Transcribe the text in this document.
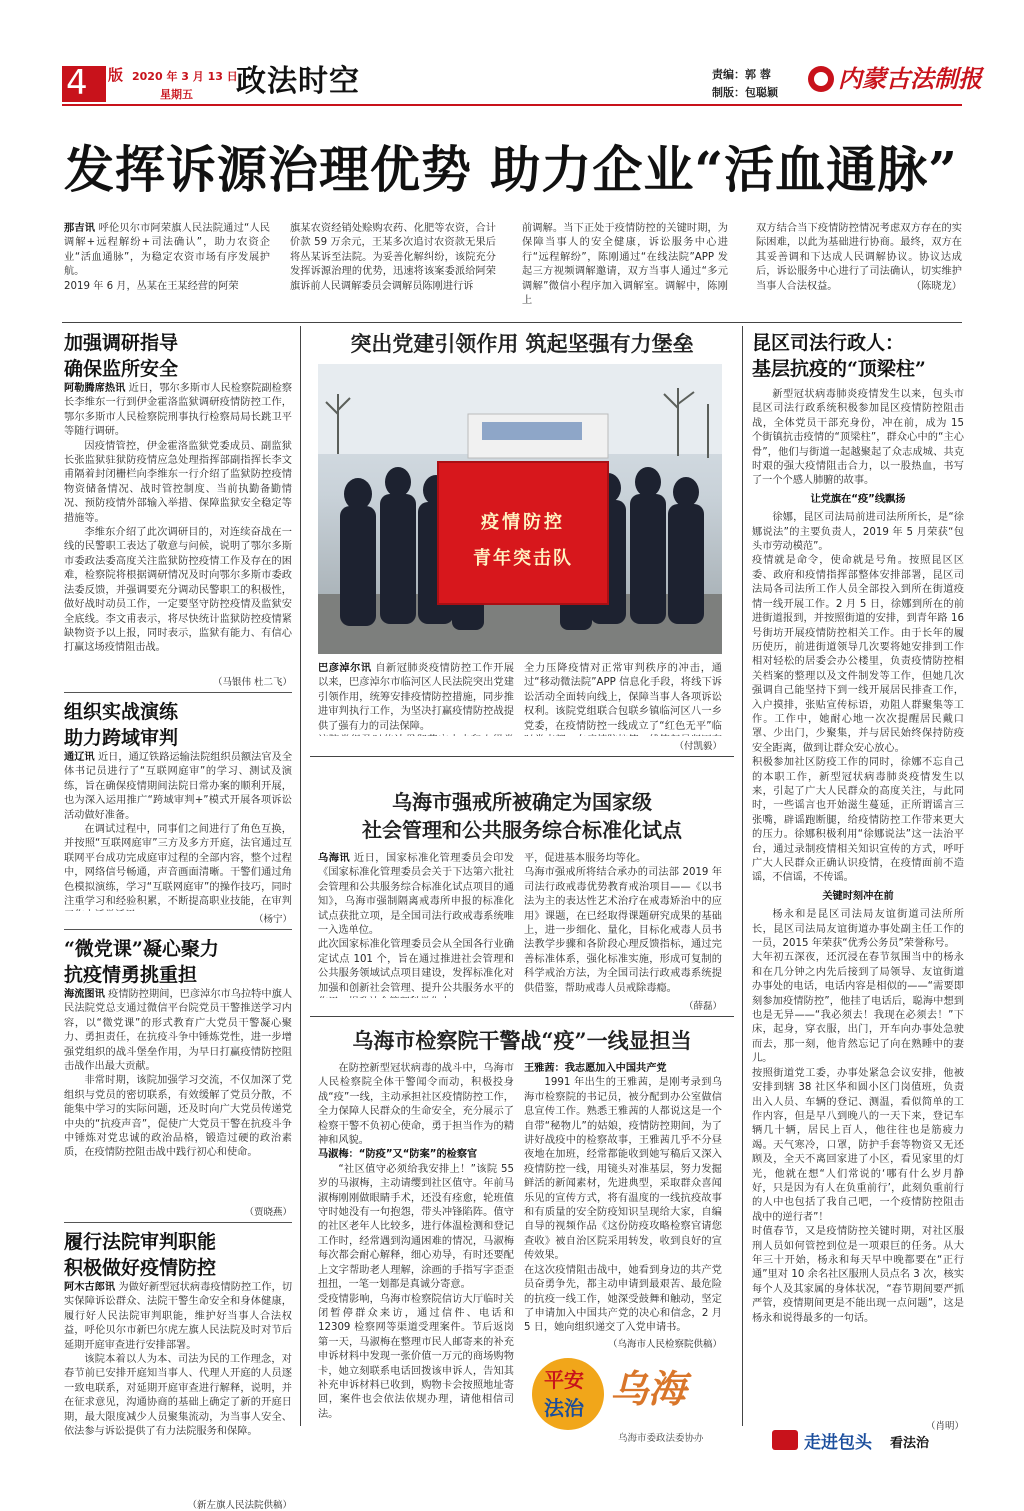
4 版 2020 年 3 月 13 日
星期五 政法时空	责编：郭 蓉
制版：包聪颖	内蒙古法制报
发挥诉源治理优势 助力企业“活血通脉”
那吉讯 呼伦贝尔市阿荣旗人民法院通过“人民调解+远程解纷+司法确认”，助力农资企业“活血通脉”，为稳定农资市场有序发展护航。
2019 年 6 月，丛某在王某经营的阿荣
旗某农资经销处赊购农药、化肥等农资，合计价款 59 万余元，王某多次追讨农资款无果后将丛某诉至法院。为妥善化解纠纷，该院充分发挥诉源治理的优势，迅速将该案委派给阿荣旗诉前人民调解委员会调解员陈刚进行诉
前调解。当下正处于疫情防控的关键时期，为保障当事人的安全健康，诉讼服务中心进行“远程解纷”，陈刚通过“在线法院”APP 发起三方视频调解邀请，双方当事人通过“多元调解”微信小程序加入调解室。调解中，陈刚上
双方结合当下疫情防控情况考虑双方存在的实际困难，以此为基础进行协商。最终，双方在其妥善调和下达成人民调解协议。协议达成后，诉讼服务中心进行了司法确认，切实维护当事人合法权益。	（陈晓龙）
加强调研指导
确保监所安全

阿勒腾席热讯 近日，鄂尔多斯市人民检察院副检察长李维东一行到伊金霍洛监狱调研疫情防控工作，鄂尔多斯市人民检察院刑事执行检察局局长跳卫平等随行调研。

因疫情管控，伊金霍洛监狱党委成员、副监狱长张监狱驻狱防疫情应急处理指挥部副指挥长李文甫隔着封闭栅栏向李维东一行介绍了监狱防控疫情物资储备情况、战时管控制度、当前执勤备勤情况、预防疫情外部输入举措、保障监狱安全稳定等措施等。

李维东介绍了此次调研目的，对连续奋战在一线的民警职工表达了敬意与问候，说明了鄂尔多斯市委政法委高度关注监狱防控疫情工作及存在的困难，检察院将根据调研情况及时向鄂尔多斯市委政法委反馈，并强调要充分调动民警职工的积极性，做好战时动员工作，一定要坚守防控疫情及监狱安全底线。李文甫表示，将尽快统计监狱防控疫情紧缺物资予以上报，同时表示，监狱有能力、有信心打赢这场疫情阻击战。

（马银伟 杜二飞）
组织实战演练
助力跨域审判

通辽讯 近日，通辽铁路运输法院组织员额法官及全体书记员进行了“互联网庭审”的学习、测试及演练，旨在确保疫情期间法院日常办案的顺利开展，也为深入运用推广“跨域审判+”模式开展各项诉讼活动做好准备。

在调试过程中，同事们之间进行了角色互换，并按照“互联网庭审”三方及多方开庭，法官通过互联网平台成功完成庭审过程的全部内容，整个过程中，网络信号畅通，声音画面清晰。干警们通过角色模拟演练，学习“互联网庭审”的操作技巧，同时注重学习和经验积累，不断提高职业技能，在审判

（杨宁）
“微党课”凝心聚力
抗疫情勇挑重担

海流图讯 疫情防控期间，巴彦淖尔市乌拉特中旗人民法院党总支通过微信平台院党员干警推送学习内容，以“微党课”的形式教育广大党员干警凝心聚力、勇担责任，在抗疫斗争中锤炼党性，进一步增强党组织的战斗堡垒作用，为早日打赢疫情防控阻击战作出最大贡献。

非常时期，该院加强学习交流，不仅加深了党组织与党员的密切联系，有效缓解了党员分散，不能集中学习的实际问题，还及时向广大党员传递党中央的“抗疫声音”，促使广大党员干警在抗疫斗争中锤炼对党忠诚的政治品格，锻造过硬的政治素质，在疫情防控阻击战中践行初心和使命。

（贾晓燕）
履行法院审判职能
积极做好疫情防控

阿木古郎讯 为做好新型冠状病毒疫情防控工作，切实保障诉讼群众、法院干警生命安全和身体健康，履行好人民法院审判职能，维护好当事人合法权益，呼伦贝尔市新巴尔虎左旗人民法院及时对节后延期开庭审查进行安排部署。

该院本着以人为本、司法为民的工作理念，对春节前已安排开庭知当事人、代理人开庭的人员逐一致电联系，对延期开庭审查进行解释，说明，并在征求意见，沟通协商的基础上确定了新的开庭日期，最大限度减少人员聚集流动，为当事人安全、依法参与诉讼提供了有力法院服务和保障。

（新左旗人民法院供稿）
突出党建引领作用 筑起坚强有力堡垒
疫情防控
青年突击队
巴彦淖尔讯 自新冠肺炎疫情防控工作开展以来，巴彦淖尔市临河区人民法院突出党建引领作用，统筹安排疫情防控措施，同步推进审判执行工作，为坚决打赢疫情防控战提供了强有力的司法保障。

全力压降疫情对正常审判秩序的冲击，通过“移动微法院”APP 信息化手段，将线下诉讼活动全面转向线上，保障当事人各项诉讼权利。该院党组联合包联乡镇临河区八一乡党委，在疫情防控一线成立了“红色无平”临
（付凯毅）
乌海市强戒所被确定为国家级
社会管理和公共服务综合标准化试点
乌海讯 近日，国家标准化管理委员会印发《国家标准化管理委员会关于下达第六批社会管理和公共服务综合标准化试点项目的通知》，乌海市强制隔离戒毒所申报的标准化试点获批立项，是全国司法行政戒毒系统唯一入选单位。
此次国家标准化管理委员会从全国各行业确定试点 101 个，旨在通过推进社会管理和公共服务领域试点项目建设，发挥标准化对加强和创新社会管理、提升公共服务水平的
平，促进基本服务均等化。
乌海市强戒所将结合承办的司法部 2019 年司法行政戒毒优势教育戒治项目——《以书法为主的表达性艺术治疗在戒毒矫治中的应用》课题，在已经取得课题研究成果的基础上，进一步细化、量化，目标化戒毒人员书法教学步骤和各阶段心理反馈指标，通过完善标准体系，强化标准实施，形成可复制的科学戒治方法，为全国司法行政戒毒系统提供借鉴，帮助戒毒人员戒除毒瘾。
（薛磊）
乌海市检察院干警战“疫”一线显担当

在防控新型冠状病毒的战斗中，乌海市人民检察院全体干警闻令而动，积极投身战“疫”一线，主动承担社区疫情防控工作，全力保障人民群众的生命安全，充分展示了检察干警不负初心使命，勇于担当作为的精神和风貌。

马淑梅：“防疫”又“防案”的检察官

“社区值守必须给我安排上！”该院 55 岁的马淑梅，主动请缨到社区值守。年前马淑梅刚刚做眼睛手术，还没有痊愈，轮班值守时她没有一句抱怨，带头冲锋陷阵。值守的社区老年人比较多，进行体温检测和登记工作时，经常遇到沟通困难的情况，马淑梅每次都会耐心解释，细心劝导，有时还要配上文字帮助老人理解，涂画的手指写字歪歪扭扭，一笔一划都是真诚分寄意。
受疫情影响，乌海市检察院信访大厅临时关闭暂停群众来访，通过信件、电话和 12309 检察网等渠道受理案件。节后返岗第一天，马淑梅在整理市民人邮寄来的补充申诉材料中发现一张价值一万元的商场购物卡，她立刻联系电话回拨该申诉人，告知其补充申诉材料已收到，购物卡会按照地址寄回，案件也会依法依规办理，请他相信司法。

王雅茜：我志愿加入中国共产党

1991 年出生的王雅茜，是刚考录到乌海市检察院的书记员，被分配到办公室做信息宣传工作。熟悉王雅茜的人都说这是一个自带“秘物儿”的姑娘，疫情防控期间，为了讲好战疫中的检察故事，王雅茜几乎不分昼夜地在加班，经常都能收到她写稿后又深入疫情防控一线，用镜头对准基层，努力发掘鲜活的新闻素材，先进典型，采取群众喜闻乐见的宣传方式，将有温度的一线抗疫故事和有质量的安全防疫知识呈现给大家，自编自导的视频作品《这份防疫攻略检察官请您查收》被自治区院采用转发，收到良好的宣传效果。
在这次疫情阻击战中，她看到身边的共产党员奋勇争先，都主动申请到最艰苦、最危险的抗疫一线工作，她深受鼓舞和触动，坚定了申请加入中国共产党的决心和信念，2 月 5 日，她向组织递交了入党申请书。

（乌海市人民检察院供稿）
平安
法治 乌海
乌海市委政法委协办
昆区司法行政人：
基层抗疫的“顶梁柱”

新型冠状病毒肺炎疫情发生以来，包头市昆区司法行政系统积极参加昆区疫情防控阻击战，全体党员干部充身份，冲在前，成为 15 个街镇抗击疫情的“顶梁柱”，群众心中的“主心骨”，他们与街道一起越聚起了众志成城、共克时艰的强大疫情阻击合力，以一股热血，书写了一个个感人肺腑的故事。

让党旗在“疫”线飘扬

徐娜，昆区司法局前进司法所所长，是“徐娜说法”的主要负责人，2019 年 5 月荣获“包头市劳动模范”。
疫情就是命令，使命就是号角。按照昆区区委、政府和疫情指挥部整体安排部署，昆区司法局各司法所工作人员全部投入到所在街道疫情一线开展工作。2 月 5 日，徐娜到所在的前进街道报到，并按照街道的安排，到青年路 16 号街坊开展疫情防控相关工作。由于长年的履历使历，前进街道领导几次要将她安排到工作相对轻松的居委会办公楼里，负责疫情防控相关档案的整理以及文件制发等工作，但她几次强调自己能坚持下到一线开展居民排查工作，入户摸排，张贴宣传标语，劝阻人群聚集等工作。工作中，她耐心地一次次提醒居民戴口罩、少出门，少聚集，并与居民始终保持防疫安全距离，做到让群众安心放心。
积极参加社区防疫工作的同时，徐娜不忘自己的本职工作，新型冠状病毒肺炎疫情发生以来，引起了广大人民群众的高度关注，与此同时，一些谣言也开始滋生蔓延，正所谓谣言三张嘴，辟谣跑断腿，给疫情防控工作带来更大的压力。徐娜积极利用“徐娜说法”这一法治平台，通过录制疫情相关知识宣传的方式，呼吁广大人民群众正确认识疫情，在疫情面前不造谣，不信谣，不传谣。

关键时刻冲在前

杨永和是昆区司法局友谊街道司法所所长，昆区司法局友谊街道办事处副主任工作的一员，2015 年荣获“优秀公务员”荣誉称号。
大年初五深夜，还沉浸在春节氛围当中的杨永和在几分钟之内先后接到了局领导、友谊街道办事处的电话，电话内容是相似的——“需要即刻参加疫情防控”，他挂了电话后，聪海中想到也是无异——“我必须去！我现在必须去！”下床，起身，穿衣服，出门，开车向办事处急驶而去，那一刻，他肯然忘记了向在熟睡中的妻儿。
按照街道党工委，办事处紧急会议安排，他被安排到辖 38 社区华和圆小区门岗值班，负责出入人员、车辆的登记、测温，看似简单的工作内容，但是早八到晚八的一天下来，登记车辆几十辆，居民上百人，他往往也是筋疲力竭。天气寒冷，口罩，防护手套等物资又无还顾及，全天不离回家进了小区，看见家里的灯光，他就在想“人们常说的‘哪有什么岁月静好，只是因为有人在负重前行’，此刻负重前行的人中也包括了我自己吧，一个疫情防控阻击战中的逆行者”！
时值春节，又是疫情防控关键时期，对社区服刑人员如何管控到位是一项艰巨的任务。从大年三十开始，杨永和每天早中晚都要在“正行通”里对 10 余名社区服刑人员点名 3 次，核实每个人及其家属的身体状况，“春节期间要严抓严管，疫情期间更是不能出现一点问题”，这是杨永和说得最多的一句话。

（肖明）
走进包头 看法治
